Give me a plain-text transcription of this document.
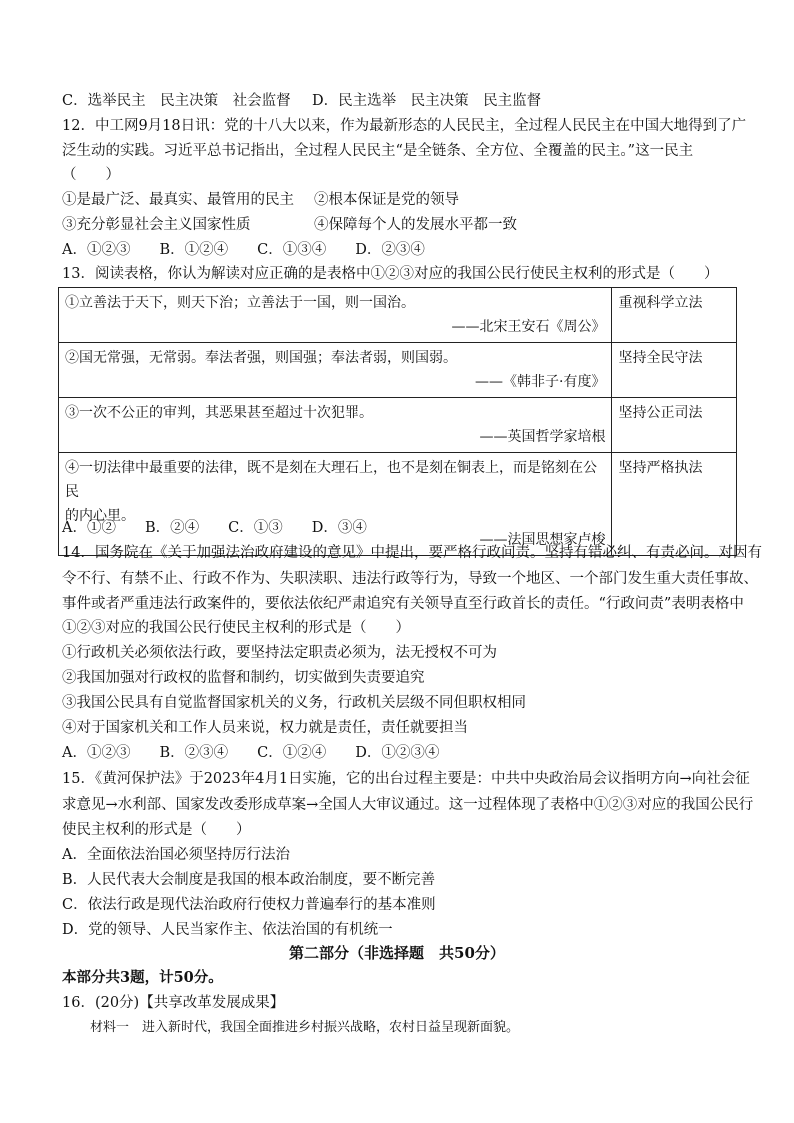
C．选举民主　民主决策　社会监督 D．民主选举　民主决策　民主监督
12．中工网9月18日讯：党的十八大以来，作为最新形态的人民民主，全过程人民民主在中国大地得到了广
泛生动的实践。习近平总书记指出，全过程人民民主“是全链条、全方位、全覆盖的民主。”这一民主
（　　）
①是最广泛、最真实、最管用的民主 ②根本保证是党的领导
③充分彰显社会主义国家性质	④保障每个人的发展水平都一致
A．①②③　　B．①②④　　C．①③④　　D．②③④
13．阅读表格，你认为解读对应正确的是表格中①②③对应的我国公民行使民主权利的形式是（　　）
①立善法于天下，则天下治；立善法于一国，则一国治。
——北宋王安石《周公》	重视科学立法

②国无常强，无常弱。奉法者强，则国强；奉法者弱，则国弱。
——《韩非子·有度》	坚持全民守法

③一次不公正的审判，其恶果甚至超过十次犯罪。
——英国哲学家培根	坚持公正司法

④一切法律中最重要的法律，既不是刻在大理石上，也不是刻在铜表上，而是铭刻在公民
的内心里。
——法国思想家卢梭	坚持严格执法
A．①②　　B．②④　　C．①③　　D．③④
14．国务院在《关于加强法治政府建设的意见》中提出，要严格行政问责。坚持有错必纠、有责必问。对因有
令不行、有禁不止、行政不作为、失职渎职、违法行政等行为，导致一个地区、一个部门发生重大责任事故、
事件或者严重违法行政案件的，要依法依纪严肃追究有关领导直至行政首长的责任。“行政问责”表明表格中
①②③对应的我国公民行使民主权利的形式是（　　）
①行政机关必须依法行政，要坚持法定职责必须为，法无授权不可为
②我国加强对行政权的监督和制约，切实做到失责要追究
③我国公民具有自觉监督国家机关的义务，行政机关层级不同但职权相同
④对于国家机关和工作人员来说，权力就是责任，责任就要担当
A．①②③　　B．②③④　　C．①②④　　D．①②③④
15．《黄河保护法》于2023年4月1日实施，它的出台过程主要是：中共中央政治局会议指明方向→向社会征
求意见→水利部、国家发改委形成草案→全国人大审议通过。这一过程体现了表格中①②③对应的我国公民行
使民主权利的形式是（　　）
A．全面依法治国必须坚持厉行法治
B．人民代表大会制度是我国的根本政治制度，要不断完善
C．依法行政是现代法治政府行使权力普遍奉行的基本准则
D．党的领导、人民当家作主、依法治国的有机统一
第二部分（非选择题　共50分）
本部分共3题，计50分。
16．(20分)【共享改革发展成果】
材料一　进入新时代，我国全面推进乡村振兴战略，农村日益呈现新面貌。
